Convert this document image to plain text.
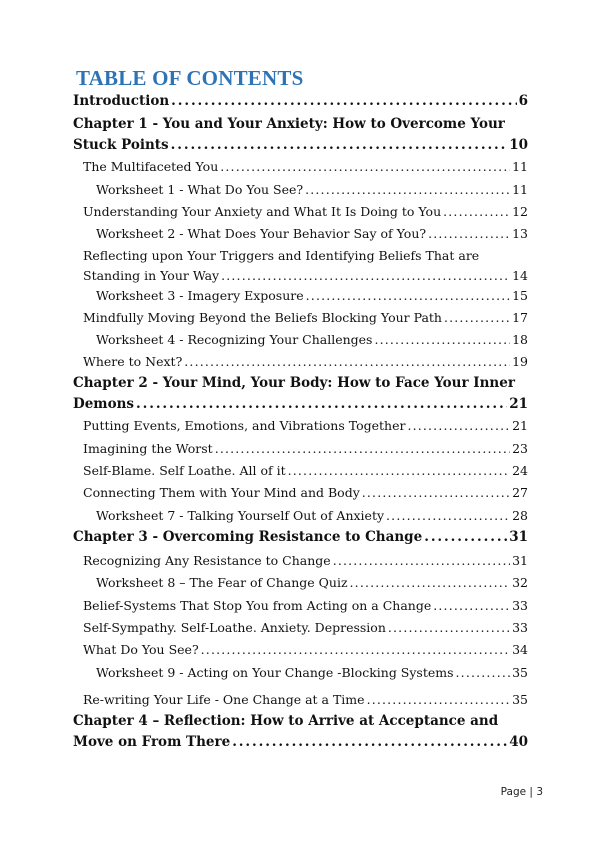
TABLE OF CONTENTS
Introduction . . .	6
Chapter 1 - You and Your Anxiety: How to Overcome Your
Stuck Points . . .	10
The Multifaceted You . . .	11
Worksheet 1 - What Do You See? . . .	11
Understanding Your Anxiety and What It Is Doing to You . . .	12
Worksheet 2 - What Does Your Behavior Say of You? . . .	13
Reflecting upon Your Triggers and Identifying Beliefs That are
Standing in Your Way . . .	14
Worksheet 3 - Imagery Exposure . . .	15
Mindfully Moving Beyond the Beliefs Blocking Your Path . . .	17
Worksheet 4 - Recognizing Your Challenges . . .	18
Where to Next? . . .	19
Chapter 2 - Your Mind, Your Body: How to Face Your Inner
Demons . . .	21
Putting Events, Emotions, and Vibrations Together . . .	21
Imagining the Worst . . .	23
Self-Blame. Self Loathe. All of it . . .	24
Connecting Them with Your Mind and Body . . .	27
Worksheet 7 - Talking Yourself Out of Anxiety . . .	28
Chapter 3 - Overcoming Resistance to Change . . .	31
Recognizing Any Resistance to Change . . .	31
Worksheet 8 – The Fear of Change Quiz . . .	32
Belief-Systems That Stop You from Acting on a Change . . .	33
Self-Sympathy. Self-Loathe. Anxiety. Depression . . .	33
What Do You See? . . .	34
Worksheet 9 - Acting on Your Change -Blocking Systems . . .	35
Re-writing Your Life - One Change at a Time . . .	35
Chapter 4 – Reflection: How to Arrive at Acceptance and
Move on From There . . .	40
Page | 3
